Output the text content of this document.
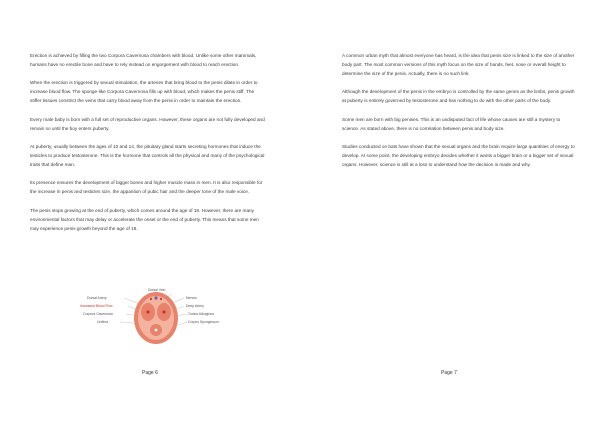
Erection is achieved by filling the two Corpora Cavernosa chambers with blood. Unlike some other mammals, humans have no erectile bone and have to rely instead on engorgement with blood to reach erection.

When the erection is triggered by sexual stimulation, the arteries that bring blood to the penis dilate in order to increase blood flow. The sponge-like Corpora Cavernosa fills up with blood, which makes the penis stiff. The stiffer tissues constrict the veins that carry blood away from the penis in order to maintain the erection.

Every male baby is born with a full set of reproductive organs. However, these organs are not fully developed and remain so until the boy enters puberty.

At puberty, usually between the ages of 10 and 14, the pituitary gland starts secreting hormones that induce the testicles to produce testosterone. This is the hormone that controls all the physical and many of the psychological traits that define man.

Its presence ensures the development of bigger bones and higher muscle mass in men. It is also responsible for the increase in penis and testicles size, the apparition of pubic hair and the deeper tone of the male voice.

The penis stops growing at the end of puberty, which comes around the age of 18. However, there are many environmental factors that may delay or accelerate the onset or the end of puberty. This means that some men may experience penis growth beyond the age of 18.

Dorsal Vein
Dorsal Artery
Increased Blood Flow
Corpora Cavernosa
Urethra
Nerves
Deep Artery
Tunica Albuginea
Corpus Spongiosum
Page 6

A common urban myth that almost everyone has heard, is the idea that penis size is linked to the size of another body part. The most common versions of this myth focus on the size of hands, feet, nose or overall height to determine the size of the penis. Actually, there is no such link.

Although the development of the penis in the embryo is controlled by the same genes as the limbs, penis growth at puberty is entirely governed by testosterone and has nothing to do with the other parts of the body.

Some men are born with big penises. This is an undisputed fact of life whose causes are still a mystery to science. As stated above, there is no correlation between penis and body size.

Studies conducted on bats have shown that the sexual organs and the brain require large quantities of energy to develop. At some point, the developing embryo decides whether it wants a bigger brain or a bigger set of sexual organs. However, science is still at a loss to understand how the decision is made and why.

Page 7
